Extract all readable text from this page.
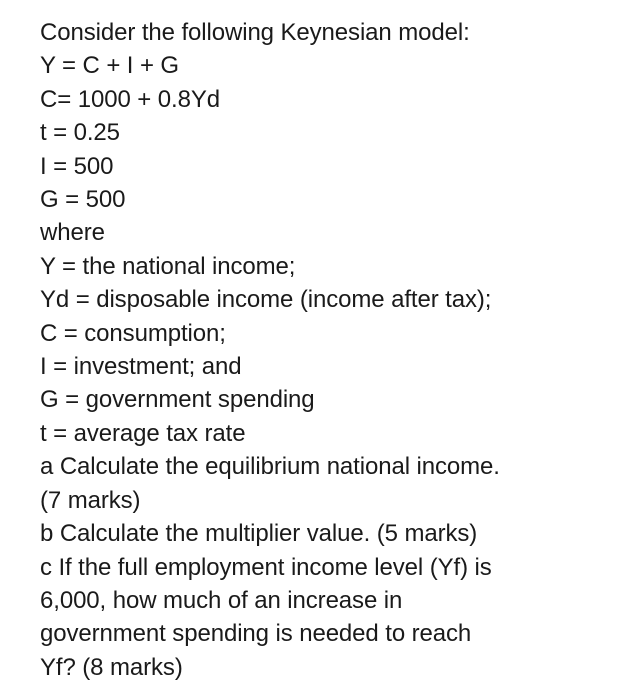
Consider the following Keynesian model:
Y = C + I + G
C= 1000 + 0.8Yd
t = 0.25
I = 500
G = 500
where
Y = the national income;
Yd = disposable income (income after tax);
C = consumption;
I = investment; and
G = government spending
t = average tax rate
a Calculate the equilibrium national income.
(7 marks)
b Calculate the multiplier value. (5 marks)
c If the full employment income level (Yf) is
6,000, how much of an increase in
government spending is needed to reach
Yf? (8 marks)
